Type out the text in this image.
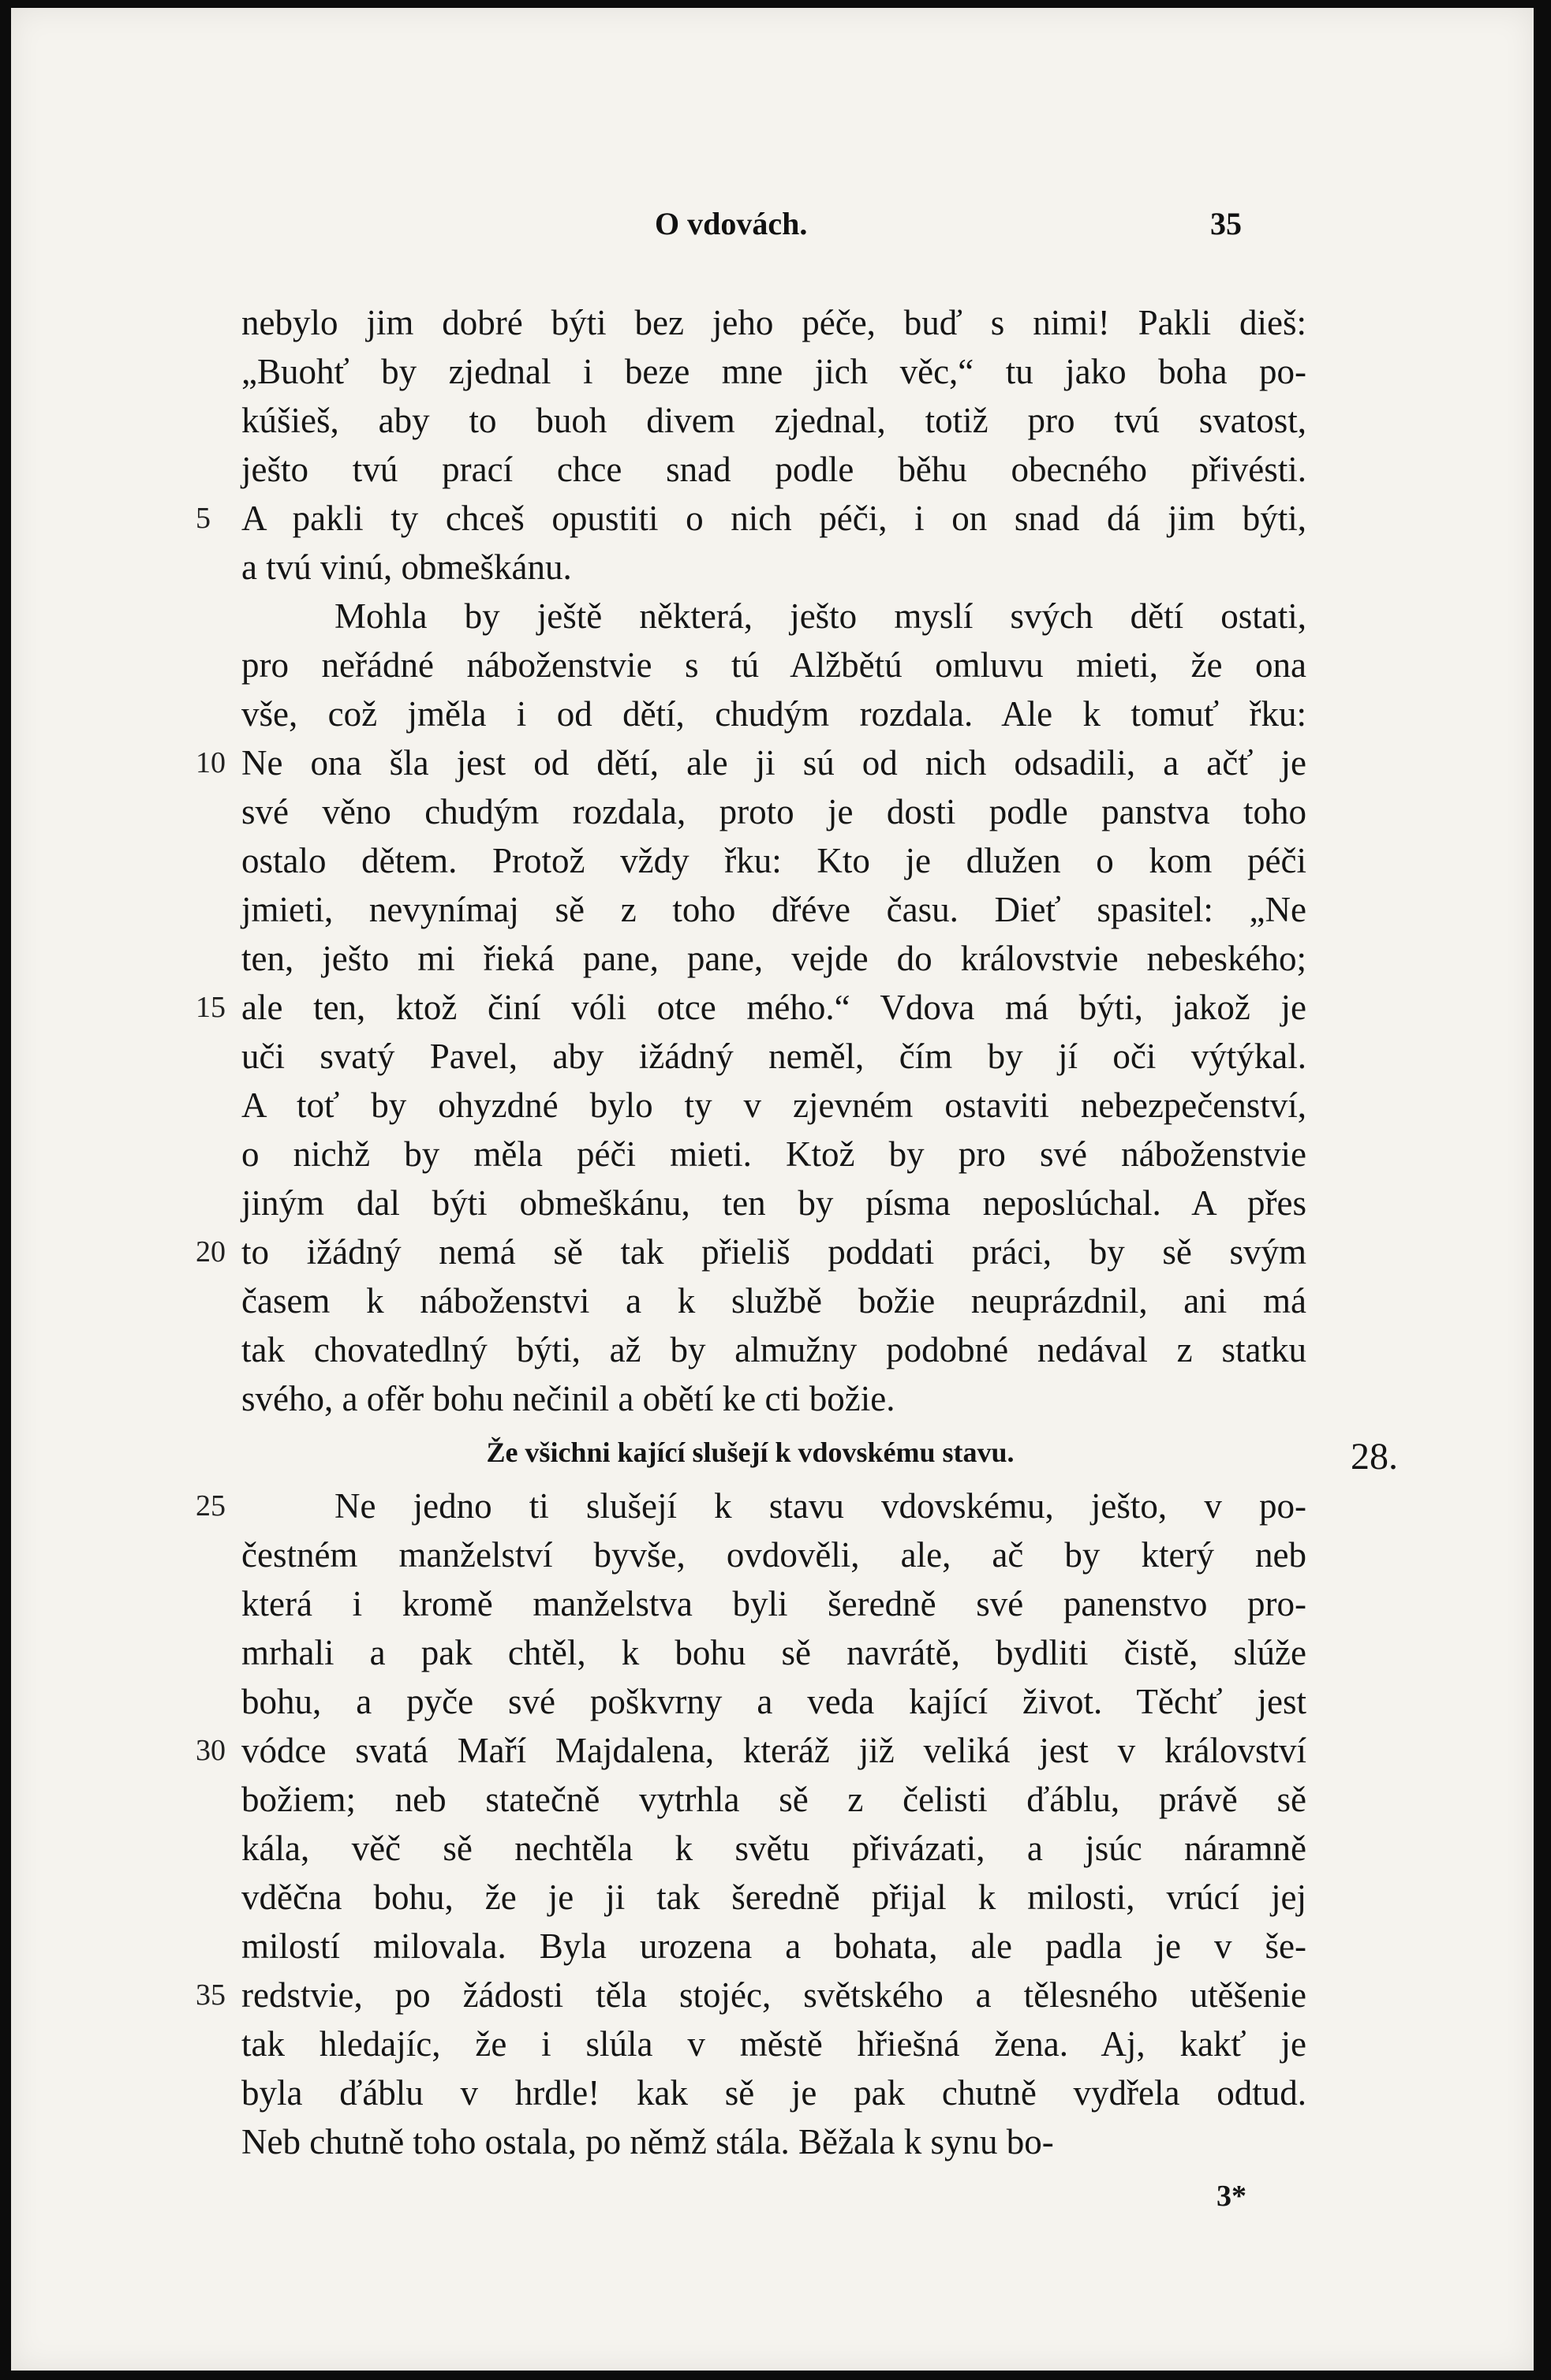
O vdovách.	35
nebylo jim dobré býti bez jeho péče, buď s nimi! Pakli dieš:
„Buohť by zjednal i beze mne jich věc,“ tu jako boha po-
kúšieš, aby to buoh divem zjednal, totiž pro tvú svatost,
ješto tvú prací chce snad podle běhu obecného přivésti.
A pakli ty chceš opustiti o nich péči, i on snad dá jim býti,
5
a tvú vinú, obmeškánu.
Mohla by ještě některá, ješto myslí svých dětí ostati,
pro neřádné náboženstvie s tú Alžbětú omluvu mieti, že ona
vše, což jměla i od dětí, chudým rozdala. Ale k tomuť řku:
Ne ona šla jest od dětí, ale ji sú od nich odsadili, a ačť je
10
své věno chudým rozdala, proto je dosti podle panstva toho
ostalo dětem. Protož vždy řku: Kto je dlužen o kom péči
jmieti, nevynímaj sě z toho dřéve času. Dieť spasitel: „Ne
ten, ješto mi řieká pane, pane, vejde do královstvie nebeského;
ale ten, ktož činí vóli otce mého.“ Vdova má býti, jakož je
15
uči svatý Pavel, aby ižádný neměl, čím by jí oči výtýkal.
A toť by ohyzdné bylo ty v zjevném ostaviti nebezpečenství,
o nichž by měla péči mieti. Ktož by pro své náboženstvie
jiným dal býti obmeškánu, ten by písma neposlúchal. A přes
to ižádný nemá sě tak přieliš poddati práci, by sě svým
20
časem k náboženstvi a k službě božie neuprázdnil, ani má
tak chovatedlný býti, až by almužny podobné nedával z statku
svého, a ofěr bohu nečinil a obětí ke cti božie.
Že všichni kající slušejí k vdovskému stavu.	28.
Ne jedno ti slušejí k stavu vdovskému, ješto, v po-
25
čestném manželství byvše, ovdověli, ale, ač by který neb
která i kromě manželstva byli šeredně své panenstvo pro-
mrhali a pak chtěl, k bohu sě navrátě, bydliti čistě, slúže
bohu, a pyče své poškvrny a veda kající život. Těchť jest
vódce svatá Maří Majdalena, kteráž již veliká jest v království
30
božiem; neb statečně vytrhla sě z čelisti ďáblu, právě sě
kála, věč sě nechtěla k světu přivázati, a jsúc náramně
vděčna bohu, že je ji tak šeredně přijal k milosti, vrúcí jej
milostí milovala. Byla urozena a bohata, ale padla je v še-
redstvie, po žádosti těla stojéc, světského a tělesného utěšenie
35
tak hledajíc, že i slúla v městě hřiešná žena. Aj, kakť je
byla ďáblu v hrdle! kak sě je pak chutně vydřela odtud.
Neb chutně toho ostala, po němž stála. Běžala k synu bo-
3*
